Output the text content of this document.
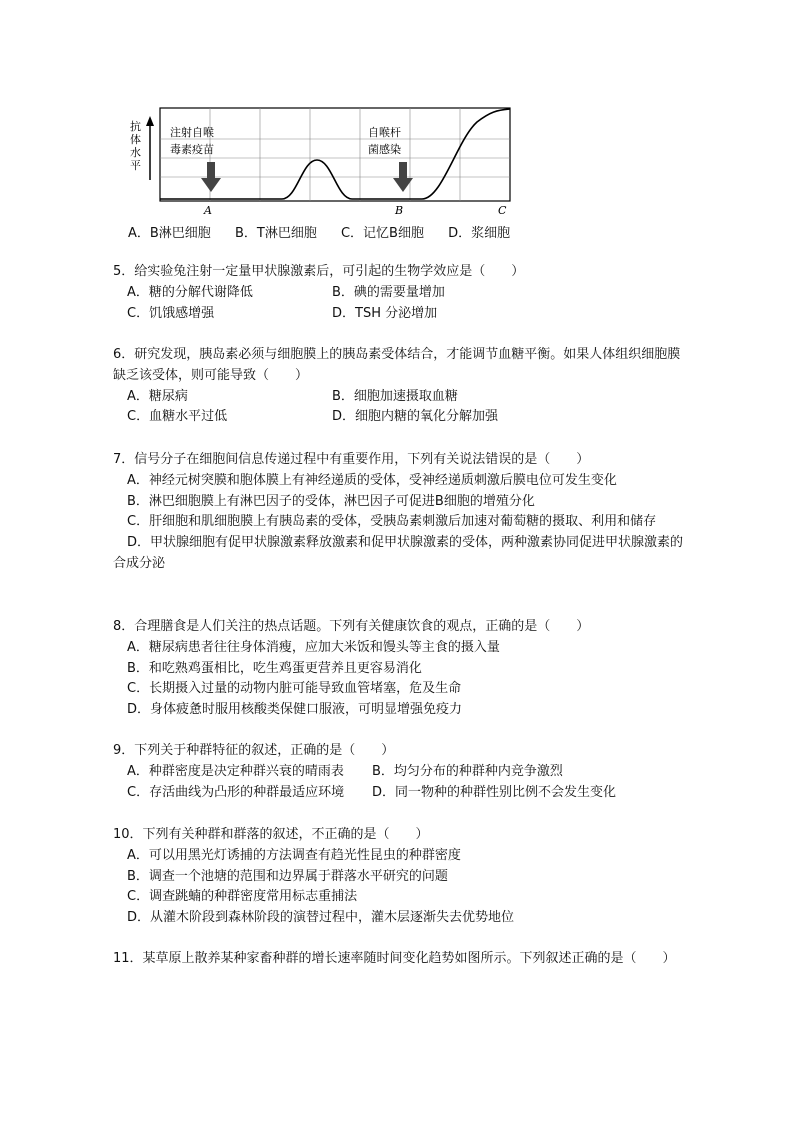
抗体水平
注射自喉
毒素疫苗
自喉杆
菌感染
A	B	C
A．B淋巴细胞 B．T淋巴细胞 C．记忆B细胞 D．浆细胞

5．给实验兔注射一定量甲状腺激素后，可引起的生物学效应是（　　）

A．糖的分解代谢降低	B．碘的需要量增加
C．饥饿感增强	D．TSH 分泌增加

6．研究发现，胰岛素必须与细胞膜上的胰岛素受体结合，才能调节血糖平衡。如果人体组织细胞膜缺乏该受体，则可能导致（　　）

A．糖尿病	B．细胞加速摄取血糖
C．血糖水平过低	D．细胞内糖的氧化分解加强

7．信号分子在细胞间信息传递过程中有重要作用，下列有关说法错误的是（　　）

A．神经元树突膜和胞体膜上有神经递质的受体，受神经递质刺激后膜电位可发生变化

B．淋巴细胞膜上有淋巴因子的受体，淋巴因子可促进B细胞的增殖分化

C．肝细胞和肌细胞膜上有胰岛素的受体，受胰岛素刺激后加速对葡萄糖的摄取、利用和储存

D．甲状腺细胞有促甲状腺激素释放激素和促甲状腺激素的受体，两种激素协同促进甲状腺激素的合成分泌

8．合理膳食是人们关注的热点话题。下列有关健康饮食的观点，正确的是（　　）

A．糖尿病患者往往身体消瘦，应加大米饭和馒头等主食的摄入量

B．和吃熟鸡蛋相比，吃生鸡蛋更营养且更容易消化

C．长期摄入过量的动物内脏可能导致血管堵塞，危及生命

D．身体疲惫时服用核酸类保健口服液，可明显增强免疫力

9．下列关于种群特征的叙述，正确的是（　　）

A．种群密度是决定种群兴衰的晴雨表	B．均匀分布的种群种内竞争激烈
C．存活曲线为凸形的种群最适应环境	D．同一物种的种群性别比例不会发生变化

10．下列有关种群和群落的叙述，不正确的是（　　）

A．可以用黑光灯诱捕的方法调查有趋光性昆虫的种群密度

B．调查一个池塘的范围和边界属于群落水平研究的问题

C．调查跳蝻的种群密度常用标志重捕法

D．从灌木阶段到森林阶段的演替过程中，灌木层逐渐失去优势地位

11．某草原上散养某种家畜种群的增长速率随时间变化趋势如图所示。下列叙述正确的是（　　）
